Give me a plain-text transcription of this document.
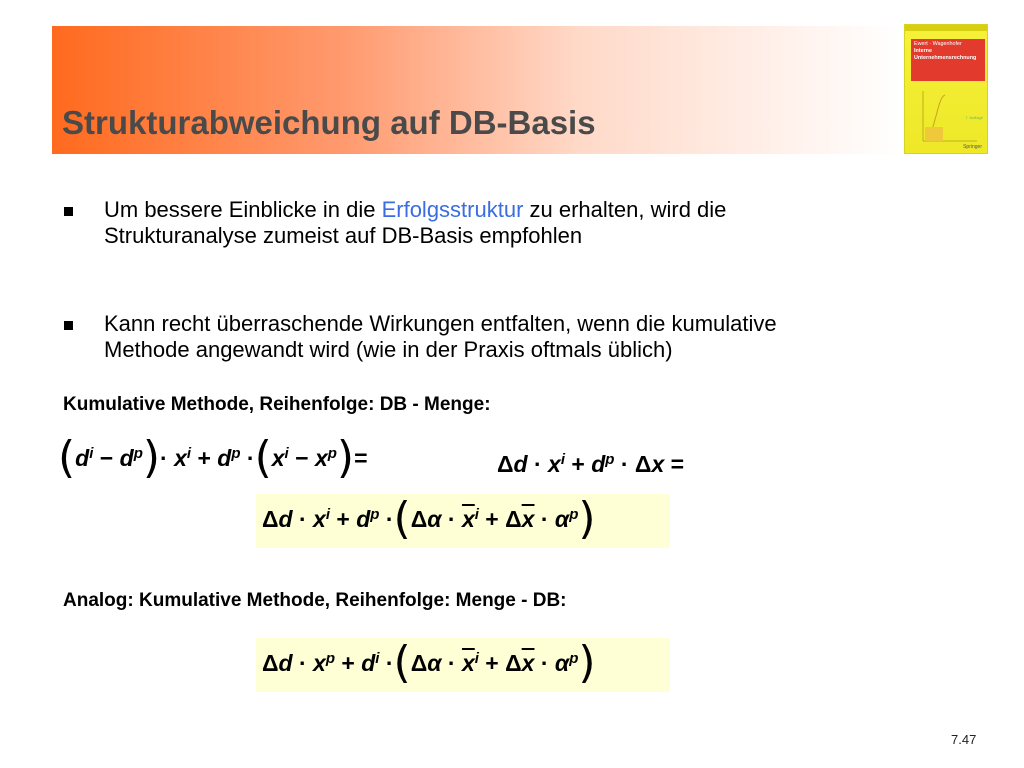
Strukturabweichung auf DB-Basis
Ewert · Wagenhofer
Interne
Unternehmensrechnung
7. Auflage
Springer
Um bessere Einblicke in die Erfolgsstruktur zu erhalten, wird die
Strukturanalyse zumeist auf DB-Basis empfohlen
Kann recht überraschende Wirkungen entfalten, wenn die kumulative
Methode angewandt wird (wie in der Praxis oftmals üblich)
Kumulative Methode, Reihenfolge: DB - Menge:
$(d^i - d^p)\cdot x^i + d^p \cdot(x^i - x^p)=$	$\Delta d \cdot x^i + d^p \cdot \Delta x$ =
$\Delta d \cdot x^i + d^p \cdot(\Delta\alpha \cdot \overline{x}^i + \Delta\overline{x} \cdot \alpha^p)$
Analog: Kumulative Methode, Reihenfolge: Menge - DB:
$\Delta d \cdot x^p + d^i \cdot(\Delta\alpha \cdot \overline{x}^i + \Delta\overline{x} \cdot \alpha^p)$
7.47
